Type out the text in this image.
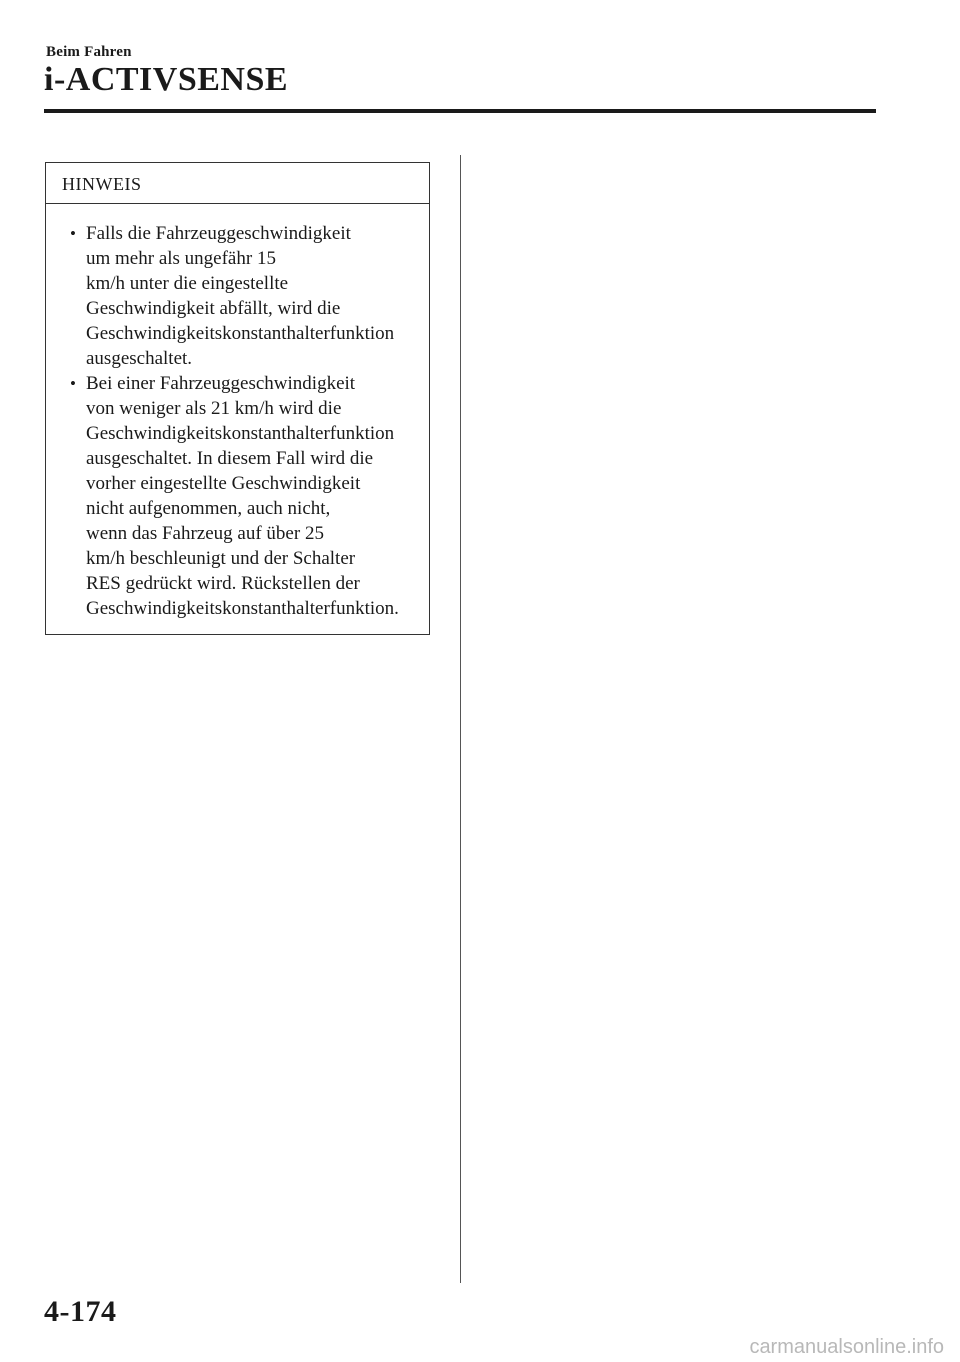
Beim Fahren
i-ACTIVSENSE
HINWEIS
• Falls die Fahrzeuggeschwindigkeit
um mehr als ungefähr 15
km/h unter die eingestellte
Geschwindigkeit abfällt, wird die
Geschwindigkeitskonstanthalterfunktion
ausgeschaltet.
• Bei einer Fahrzeuggeschwindigkeit
von weniger als 21 km/h wird die
Geschwindigkeitskonstanthalterfunktion
ausgeschaltet. In diesem Fall wird die
vorher eingestellte Geschwindigkeit
nicht aufgenommen, auch nicht,
wenn das Fahrzeug auf über 25
km/h beschleunigt und der Schalter
RES gedrückt wird. Rückstellen der
Geschwindigkeitskonstanthalterfunktion.
4-174
carmanualsonline.info
